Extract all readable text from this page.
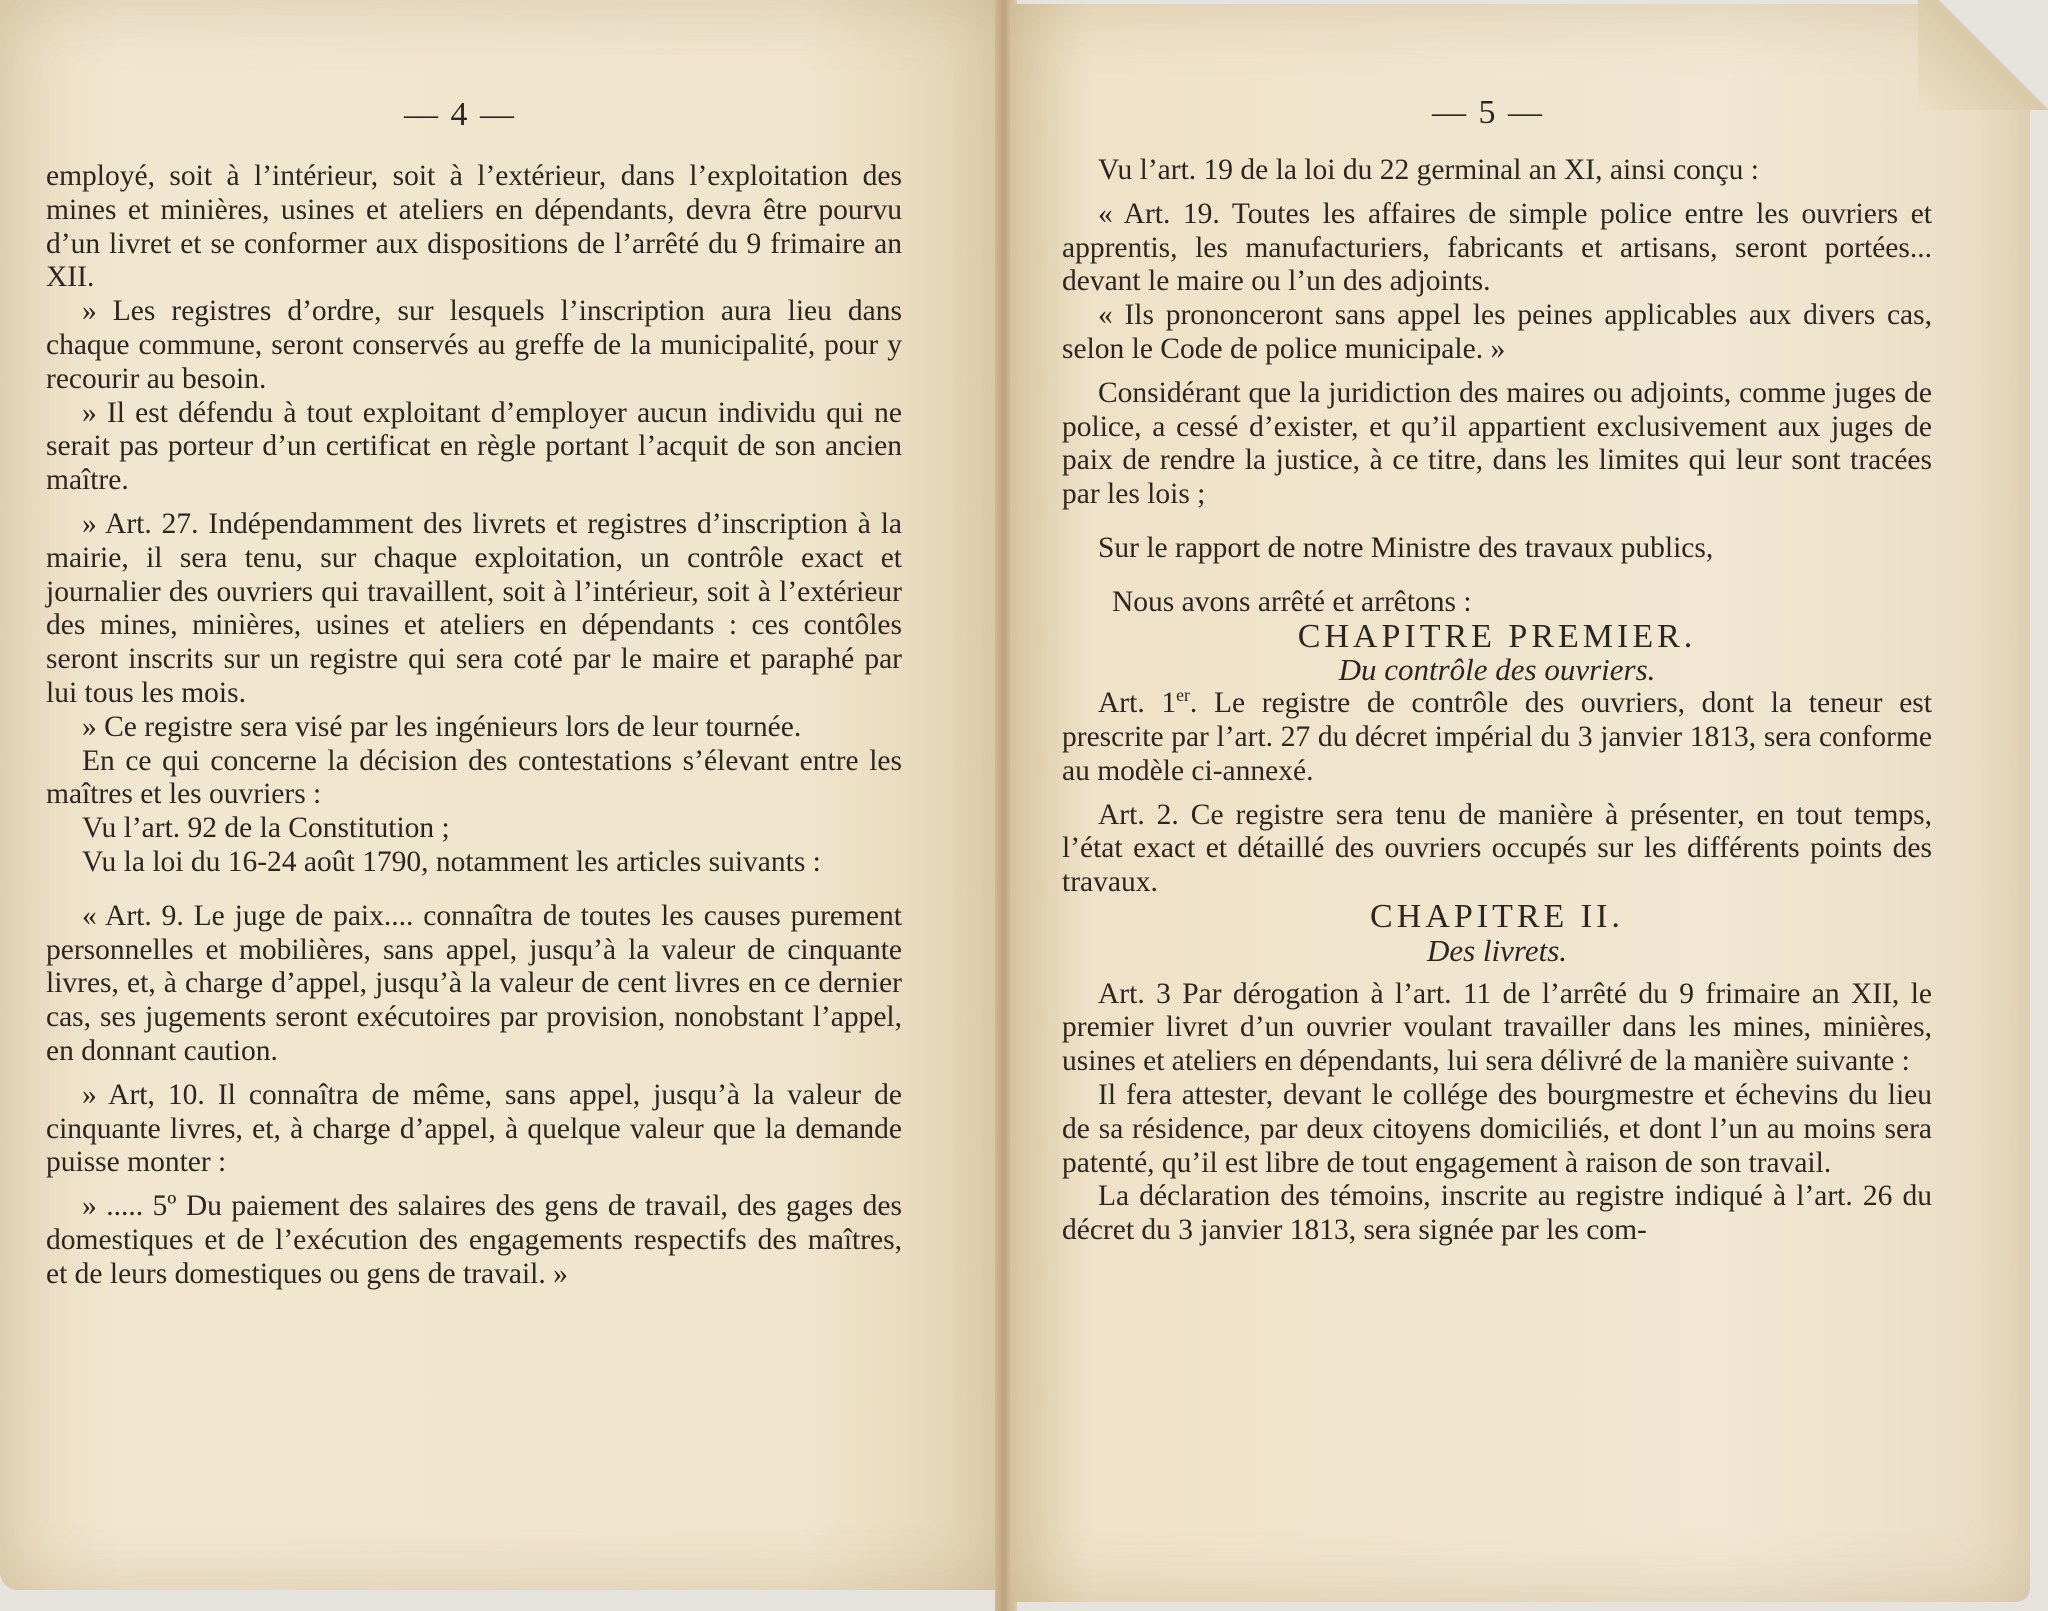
— 4 —

employé, soit à l’intérieur, soit à l’extérieur, dans l’exploitation des mines et minières, usines et ateliers en dépendants, devra être pourvu d’un livret et se conformer aux dispositions de l’arrêté du 9 frimaire an XII.

» Les registres d’ordre, sur lesquels l’inscription aura lieu dans chaque commune, seront conservés au greffe de la municipalité, pour y recourir au besoin.

» Il est défendu à tout exploitant d’employer aucun individu qui ne serait pas porteur d’un certificat en règle portant l’acquit de son ancien maître.

» Art. 27. Indépendamment des livrets et registres d’inscription à la mairie, il sera tenu, sur chaque exploitation, un contrôle exact et journalier des ouvriers qui travaillent, soit à l’intérieur, soit à l’extérieur des mines, minières, usines et ateliers en dépendants : ces contôles seront inscrits sur un registre qui sera coté par le maire et paraphé par lui tous les mois.

» Ce registre sera visé par les ingénieurs lors de leur tournée.

En ce qui concerne la décision des contestations s’élevant entre les maîtres et les ouvriers :

Vu l’art. 92 de la Constitution ;

Vu la loi du 16-24 août 1790, notamment les articles suivants :

« Art. 9. Le juge de paix.... connaîtra de toutes les causes purement personnelles et mobilières, sans appel, jusqu’à la valeur de cinquante livres, et, à charge d’appel, jusqu’à la valeur de cent livres en ce dernier cas, ses jugements seront exécutoires par provision, nonobstant l’appel, en donnant caution.

» Art, 10. Il connaîtra de même, sans appel, jusqu’à la valeur de cinquante livres, et, à charge d’appel, à quelque valeur que la demande puisse monter :

» ..... 5º Du paiement des salaires des gens de travail, des gages des domestiques et de l’exécution des engagements respectifs des maîtres, et de leurs domestiques ou gens de travail. »

— 5 —

Vu l’art. 19 de la loi du 22 germinal an XI, ainsi conçu :

« Art. 19. Toutes les affaires de simple police entre les ouvriers et apprentis, les manufacturiers, fabricants et artisans, seront portées... devant le maire ou l’un des adjoints.

« Ils prononceront sans appel les peines applicables aux divers cas, selon le Code de police municipale. »

Considérant que la juridiction des maires ou adjoints, comme juges de police, a cessé d’exister, et qu’il appartient exclusivement aux juges de paix de rendre la justice, à ce titre, dans les limites qui leur sont tracées par les lois ;

Sur le rapport de notre Ministre des travaux publics,

Nous avons arrêté et arrêtons :

CHAPITRE PREMIER.

Du contrôle des ouvriers.

Art. 1er. Le registre de contrôle des ouvriers, dont la teneur est prescrite par l’art. 27 du décret impérial du 3 janvier 1813, sera conforme au modèle ci-annexé.

Art. 2. Ce registre sera tenu de manière à présenter, en tout temps, l’état exact et détaillé des ouvriers occupés sur les différents points des travaux.

CHAPITRE II.

Des livrets.

Art. 3 Par dérogation à l’art. 11 de l’arrêté du 9 frimaire an XII, le premier livret d’un ouvrier voulant travailler dans les mines, minières, usines et ateliers en dépendants, lui sera délivré de la manière suivante :

Il fera attester, devant le collége des bourgmestre et échevins du lieu de sa résidence, par deux citoyens domiciliés, et dont l’un au moins sera patenté, qu’il est libre de tout engagement à raison de son travail.

La déclaration des témoins, inscrite au registre indiqué à l’art. 26 du décret du 3 janvier 1813, sera signée par les com-
